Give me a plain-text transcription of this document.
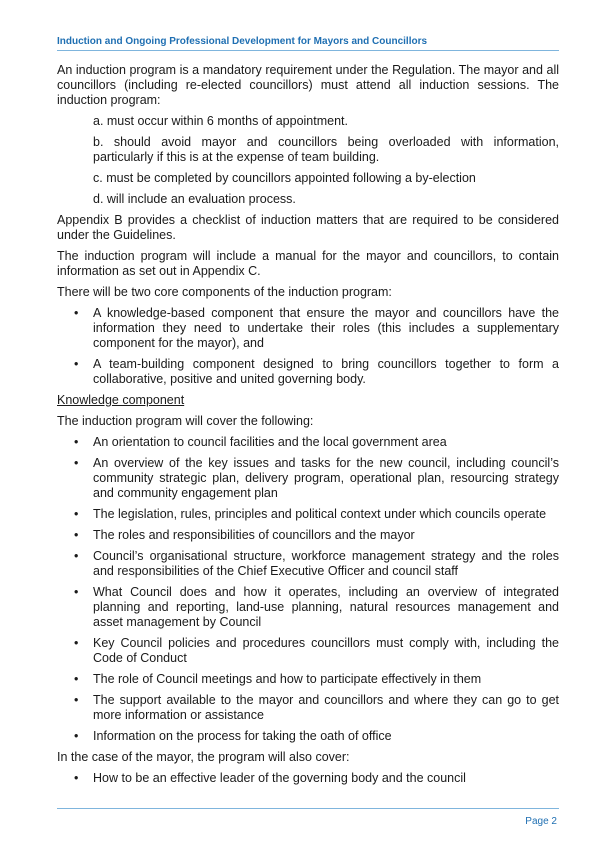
Induction and Ongoing Professional Development for Mayors and Councillors

An induction program is a mandatory requirement under the Regulation. The mayor and all councillors (including re-elected councillors) must attend all induction sessions. The induction program:

a. must occur within 6 months of appointment.
b. should avoid mayor and councillors being overloaded with information, particularly if this is at the expense of team building.
c. must be completed by councillors appointed following a by-election
d. will include an evaluation process.

Appendix B provides a checklist of induction matters that are required to be considered under the Guidelines.

The induction program will include a manual for the mayor and councillors, to contain information as set out in Appendix C.

There will be two core components of the induction program:

• A knowledge-based component that ensure the mayor and councillors have the information they need to undertake their roles (this includes a supplementary component for the mayor), and
• A team-building component designed to bring councillors together to form a collaborative, positive and united governing body.
Knowledge component

The induction program will cover the following:

• An orientation to council facilities and the local government area
• An overview of the key issues and tasks for the new council, including council’s community strategic plan, delivery program, operational plan, resourcing strategy and community engagement plan
• The legislation, rules, principles and political context under which councils operate
• The roles and responsibilities of councillors and the mayor
• Council’s organisational structure, workforce management strategy and the roles and responsibilities of the Chief Executive Officer and council staff
• What Council does and how it operates, including an overview of integrated planning and reporting, land-use planning, natural resources management and asset management by Council
• Key Council policies and procedures councillors must comply with, including the Code of Conduct
• The role of Council meetings and how to participate effectively in them
• The support available to the mayor and councillors and where they can go to get more information or assistance
• Information on the process for taking the oath of office

In the case of the mayor, the program will also cover:

• How to be an effective leader of the governing body and the council
Page 2
